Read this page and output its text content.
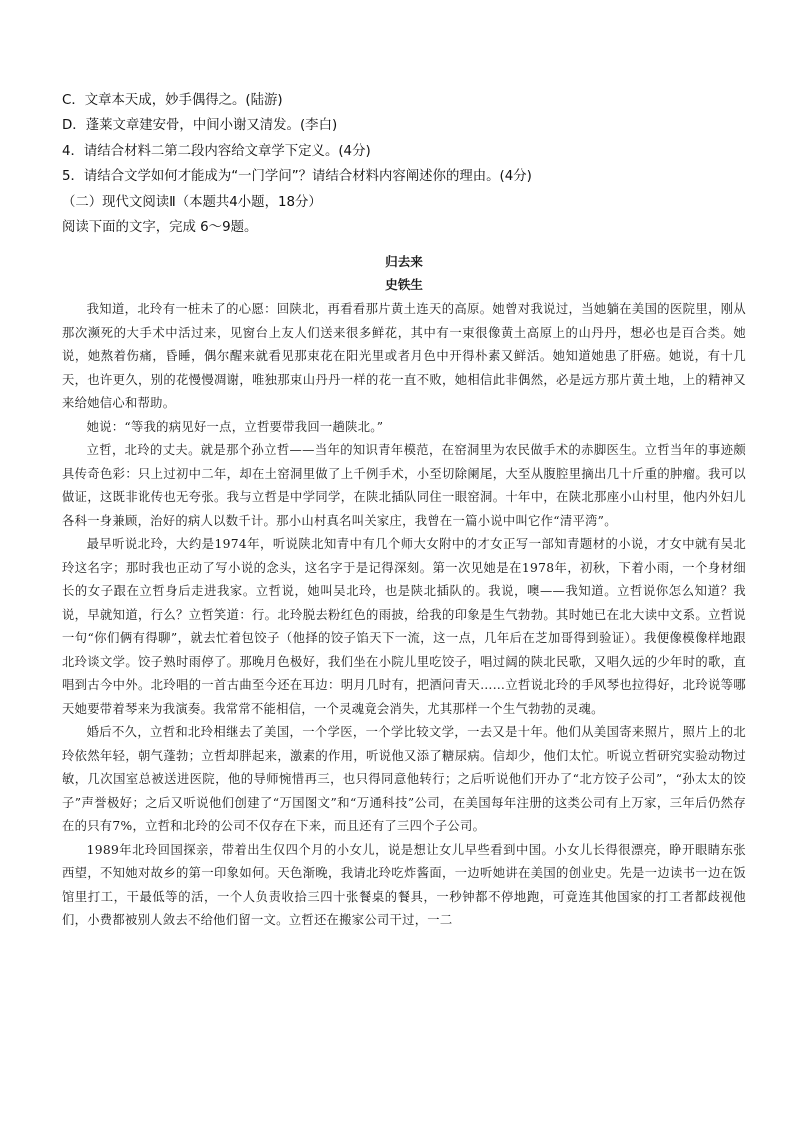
C．文章本天成，妙手偶得之。(陆游)

D．蓬莱文章建安骨，中间小谢又清发。(李白)

4．请结合材料二第二段内容给文章学下定义。(4分)

5．请结合文学如何才能成为“一门学问”？请结合材料内容阐述你的理由。(4分)

（二）现代文阅读Ⅱ（本题共4小题，18分）

阅读下面的文字，完成 6～9题。

归去来

史铁生

我知道，北玲有一桩未了的心愿：回陕北，再看看那片黄土连天的高原。她曾对我说过，当她躺在美国的医院里，刚从那次濒死的大手术中活过来，见窗台上友人们送来很多鲜花，其中有一束很像黄土高原上的山丹丹，想必也是百合类。她说，她熬着伤痛，昏睡，偶尔醒来就看见那束花在阳光里或者月色中开得朴素又鲜活。她知道她患了肝癌。她说，有十几天，也许更久，别的花慢慢凋谢，唯独那束山丹丹一样的花一直不败，她相信此非偶然，必是远方那片黄土地，上的精神又来给她信心和帮助。

她说：“等我的病见好一点，立哲要带我回一趟陕北。”

立哲，北玲的丈夫。就是那个孙立哲——当年的知识青年模范，在窑洞里为农民做手术的赤脚医生。立哲当年的事迹颇具传奇色彩：只上过初中二年，却在土窑洞里做了上千例手术，小至切除阑尾，大至从腹腔里摘出几十斤重的肿瘤。我可以做证，这既非讹传也无夸张。我与立哲是中学同学，在陕北插队同住一眼窑洞。十年中，在陕北那座小山村里，他内外妇儿各科一身兼顾，治好的病人以数千计。那小山村真名叫关家庄，我曾在一篇小说中叫它作“清平湾”。

最早听说北玲，大约是1974年，听说陕北知青中有几个师大女附中的才女正写一部知青题材的小说，才女中就有吴北玲这名字；那时我也正动了写小说的念头，这名字于是记得深刻。第一次见她是在1978年，初秋，下着小雨，一个身材细长的女子跟在立哲身后走进我家。立哲说，她叫吴北玲，也是陕北插队的。我说，噢——我知道。立哲说你怎么知道？我说，早就知道，行么？立哲笑道：行。北玲脱去粉红色的雨披，给我的印象是生气勃勃。其时她已在北大读中文系。立哲说一句“你们俩有得聊”，就去忙着包饺子（他择的饺子馅天下一流，这一点，几年后在芝加哥得到验证）。我便像模像样地跟北玲谈文学。饺子熟时雨停了。那晚月色极好，我们坐在小院儿里吃饺子，唱过阔的陕北民歌，又唱久远的少年时的歌，直唱到古今中外。北玲唱的一首古曲至今还在耳边：明月几时有，把酒问青天……立哲说北玲的手风琴也拉得好，北玲说等哪天她要带着琴来为我演奏。我常常不能相信，一个灵魂竟会消失，尤其那样一个生气勃勃的灵魂。

婚后不久，立哲和北玲相继去了美国，一个学医，一个学比较文学，一去又是十年。他们从美国寄来照片，照片上的北玲依然年轻，朝气蓬勃；立哲却胖起来，激素的作用，听说他又添了糖尿病。信却少，他们太忙。听说立哲研究实验动物过敏，几次国室总被送进医院，他的导师惋惜再三，也只得同意他转行；之后听说他们开办了“北方饺子公司”，“孙太太的饺子”声誉极好；之后又听说他们创建了“万国图文”和“万通科技”公司，在美国每年注册的这类公司有上万家，三年后仍然存在的只有7%，立哲和北玲的公司不仅存在下来，而且还有了三四个子公司。

1989年北玲回国探亲，带着出生仅四个月的小女儿，说是想让女儿早些看到中国。小女儿长得很漂亮，睁开眼睛东张西望，不知她对故乡的第一印象如何。天色渐晚，我请北玲吃炸酱面，一边听她讲在美国的创业史。先是一边读书一边在饭馆里打工，干最低等的活，一个人负责收拾三四十张餐桌的餐具，一秒钟都不停地跑，可竟连其他国家的打工者都歧视他们，小费都被别人敛去不给他们留一文。立哲还在搬家公司干过，一二
